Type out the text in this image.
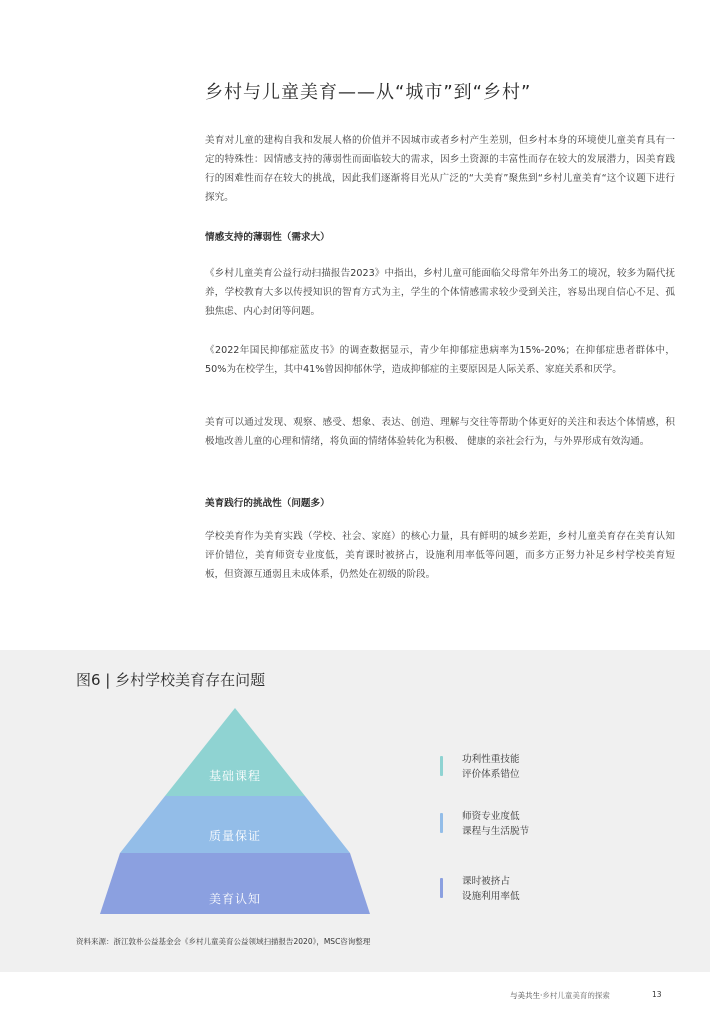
乡村与儿童美育——从“城市”到“乡村”

美育对儿童的建构自我和发展人格的价值并不因城市或者乡村产生差别，但乡村本身的环境使儿童美育具有一定的特殊性：因情感支持的薄弱性而面临较大的需求，因乡土资源的丰富性而存在较大的发展潜力，因美育践行的困难性而存在较大的挑战，因此我们逐渐将目光从广泛的“大美育”聚焦到“乡村儿童美育“这个议题下进行探究。

情感支持的薄弱性（需求大）

《乡村儿童美育公益行动扫描报告2023》中指出，乡村儿童可能面临父母常年外出务工的境况，较多为隔代抚养，学校教育大多以传授知识的智育方式为主，学生的个体情感需求较少受到关注，容易出现自信心不足、孤独焦虑、内心封闭等问题。

《2022年国民抑郁症蓝皮书》的调查数据显示，青少年抑郁症患病率为15%-20%；在抑郁症患者群体中，50%为在校学生，其中41%曾因抑郁休学，造成抑郁症的主要原因是人际关系、家庭关系和厌学。

美育可以通过发现、观察、感受、想象、表达、创造、理解与交往等帮助个体更好的关注和表达个体情感，积极地改善儿童的心理和情绪，将负面的情绪体验转化为积极、 健康的亲社会行为，与外界形成有效沟通。

美育践行的挑战性（问题多）

学校美育作为美育实践（学校、社会、家庭）的核心力量，具有鲜明的城乡差距，乡村儿童美育存在美育认知评价错位，美育师资专业度低，美育课时被挤占，设施利用率低等问题，而多方正努力补足乡村学校美育短板，但资源互通弱且未成体系，仍然处在初级的阶段。

图6 | 乡村学校美育存在问题
基础课程
质量保证
美育认知
功利性重技能
评价体系错位
师资专业度低
课程与生活脱节
课时被挤占
设施利用率低
资料来源：浙江敦朴公益基金会《乡村儿童美育公益领域扫描报告2020》，MSC咨询整理
与美共生·乡村儿童美育的探索	13
